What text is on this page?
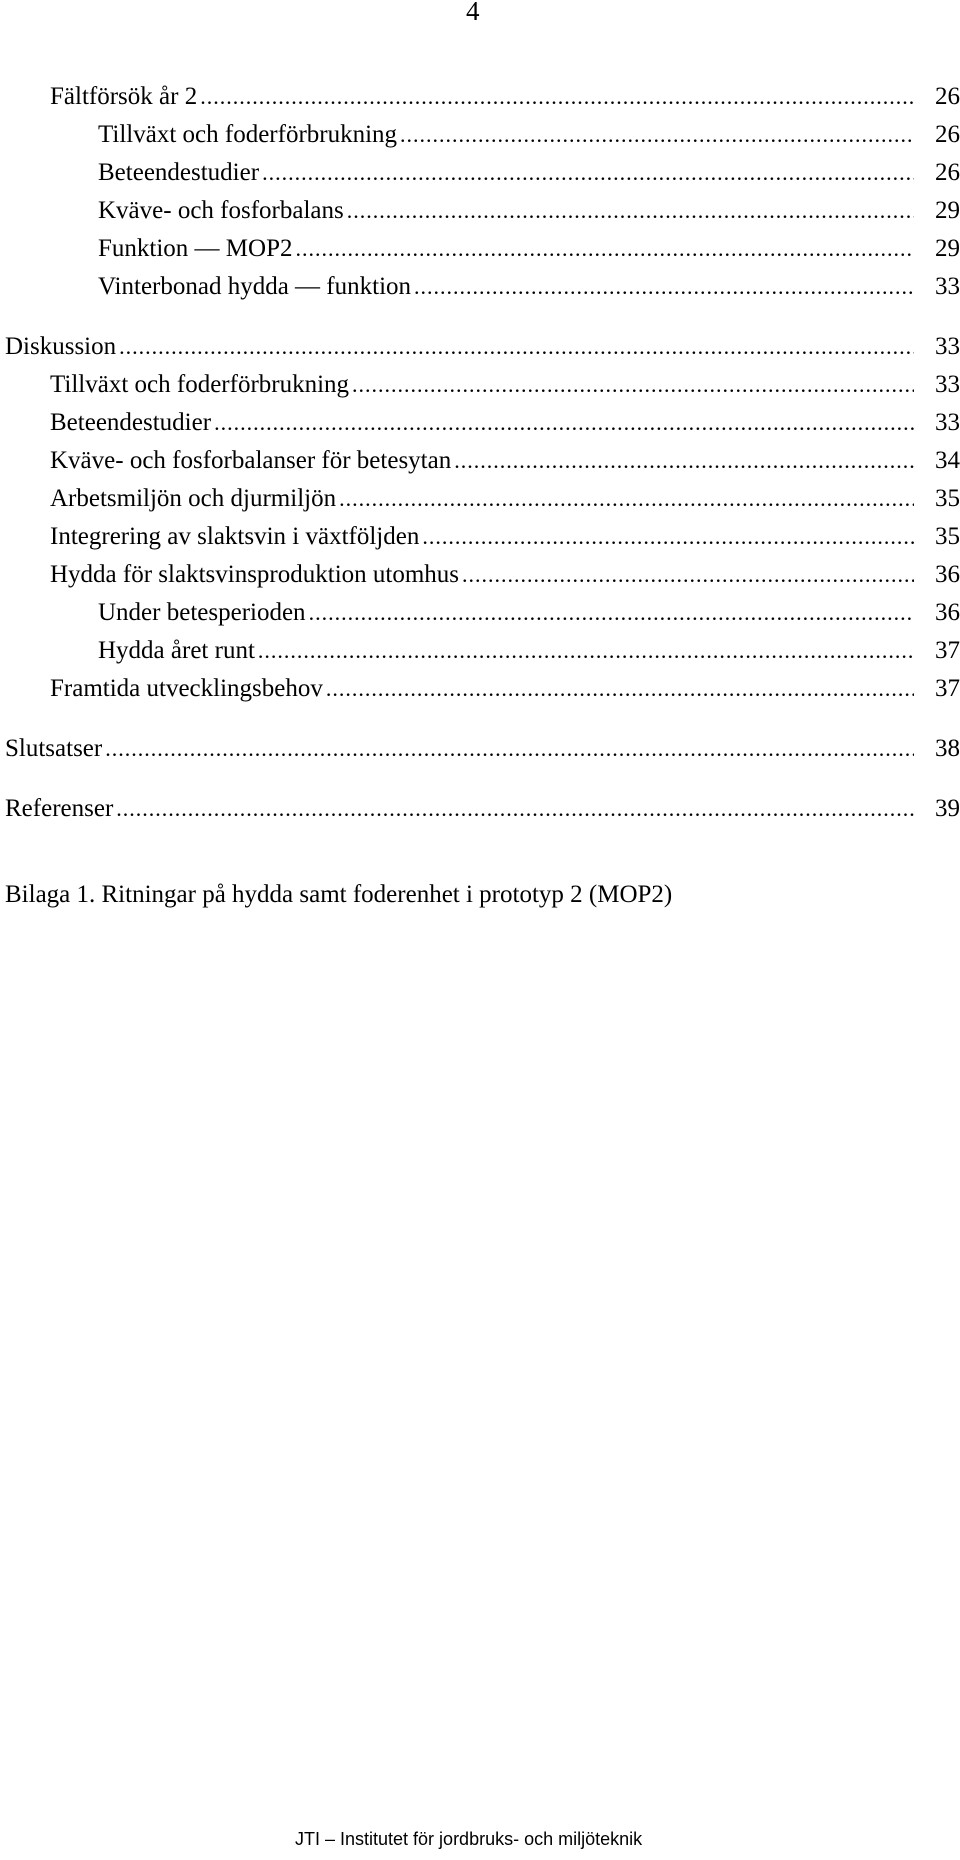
4
Fältförsök år 2 .....	26
Tillväxt och foderförbrukning .....	26
Beteendestudier .....	26
Kväve- och fosforbalans .....	29
Funktion — MOP2 .....	29
Vinterbonad hydda — funktion .....	33
Diskussion .....	33
Tillväxt och foderförbrukning .....	33
Beteendestudier .....	33
Kväve- och fosforbalanser för betesytan .....	34
Arbetsmiljön och djurmiljön .....	35
Integrering av slaktsvin i växtföljden .....	35
Hydda för slaktsvinsproduktion utomhus .....	36
Under betesperioden .....	36
Hydda året runt .....	37
Framtida utvecklingsbehov .....	37
Slutsatser .....	38
Referenser .....	39
Bilaga 1. Ritningar på hydda samt foderenhet i prototyp 2 (MOP2)
JTI – Institutet för jordbruks- och miljöteknik
